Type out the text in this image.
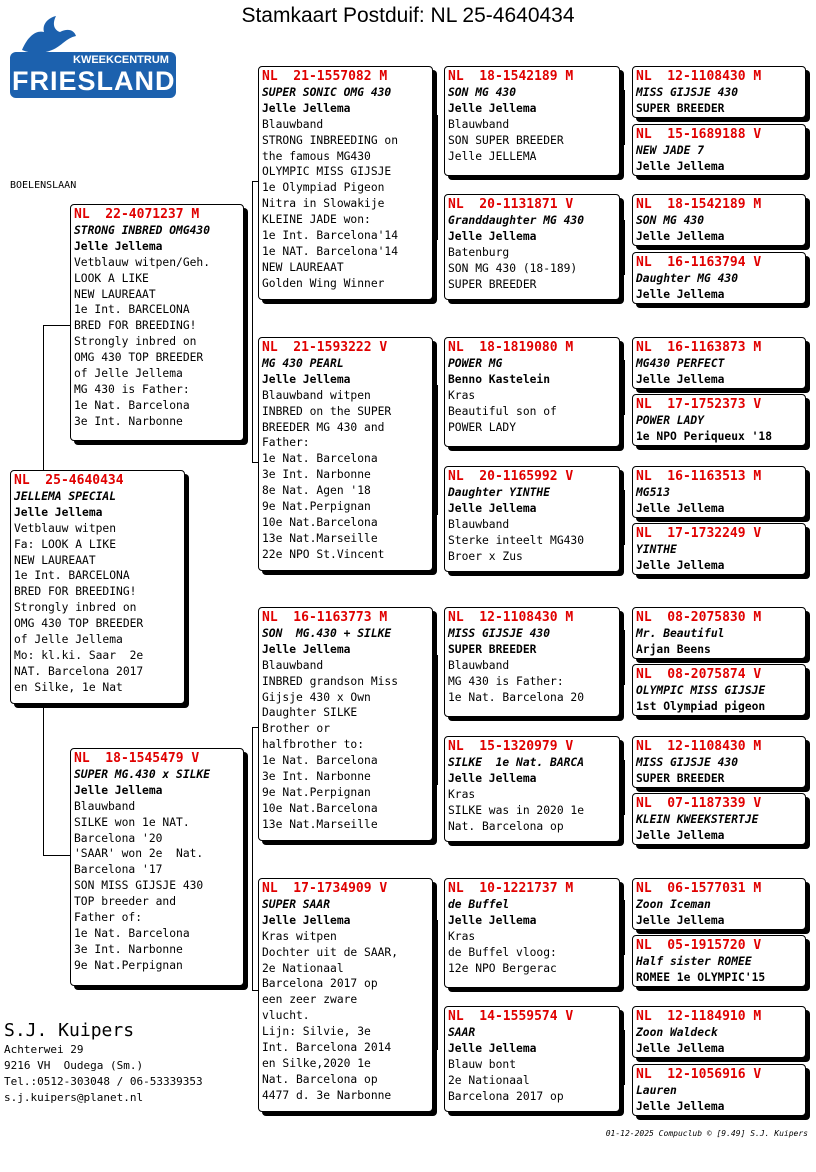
Stamkaart Postduif: NL 25-4640434
KWEEKCENTRUM
FRIESLAND
BOELENSLAAN
NL  25-4640434
JELLEMA SPECIAL
Jelle Jellema
Vetblauw witpen
Fa: LOOK A LIKE
NEW LAUREAAT
1e Int. BARCELONA
BRED FOR BREEDING!
Strongly inbred on
OMG 430 TOP BREEDER
of Jelle Jellema
Mo: kl.ki. Saar  2e
NAT. Barcelona 2017
en Silke, 1e Nat
NL  22-4071237 M
STRONG INBRED OMG430
Jelle Jellema
Vetblauw witpen/Geh.
LOOK A LIKE
NEW LAUREAAT
1e Int. BARCELONA
BRED FOR BREEDING!
Strongly inbred on
OMG 430 TOP BREEDER
of Jelle Jellema
MG 430 is Father:
1e Nat. Barcelona
3e Int. Narbonne
NL  18-1545479 V
SUPER MG.430 x SILKE
Jelle Jellema
Blauwband
SILKE won 1e NAT.
Barcelona '20
'SAAR' won 2e  Nat.
Barcelona '17
SON MISS GIJSJE 430
TOP breeder and
Father of:
1e Nat. Barcelona
3e Int. Narbonne
9e Nat.Perpignan
NL  21-1557082 M
SUPER SONIC OMG 430
Jelle Jellema
Blauwband
STRONG INBREEDING on
the famous MG430
OLYMPIC MISS GIJSJE
1e Olympiad Pigeon
Nitra in Slowakije
KLEINE JADE won:
1e Int. Barcelona'14
1e NAT. Barcelona'14
NEW LAUREAAT
Golden Wing Winner
NL  21-1593222 V
MG 430 PEARL
Jelle Jellema
Blauwband witpen
INBRED on the SUPER
BREEDER MG 430 and
Father:
1e Nat. Barcelona
3e Int. Narbonne
8e Nat. Agen '18
9e Nat.Perpignan
10e Nat.Barcelona
13e Nat.Marseille
22e NPO St.Vincent
NL  16-1163773 M
SON  MG.430 + SILKE
Jelle Jellema
Blauwband
INBRED grandson Miss
Gijsje 430 x Own
Daughter SILKE
Brother or
halfbrother to:
1e Nat. Barcelona
3e Int. Narbonne
9e Nat.Perpignan
10e Nat.Barcelona
13e Nat.Marseille
NL  17-1734909 V
SUPER SAAR
Jelle Jellema
Kras witpen
Dochter uit de SAAR,
2e Nationaal
Barcelona 2017 op
een zeer zware
vlucht.
Lijn: Silvie, 3e
Int. Barcelona 2014
en Silke,2020 1e
Nat. Barcelona op
4477 d. 3e Narbonne
NL  18-1542189 M
SON MG 430
Jelle Jellema
Blauwband
SON SUPER BREEDER
Jelle JELLEMA
NL  20-1131871 V
Granddaughter MG 430
Jelle Jellema
Batenburg
SON MG 430 (18-189)
SUPER BREEDER
NL  18-1819080 M
POWER MG
Benno Kastelein
Kras
Beautiful son of
POWER LADY
NL  20-1165992 V
Daughter YINTHE
Jelle Jellema
Blauwband
Sterke inteelt MG430
Broer x Zus
NL  12-1108430 M
MISS GIJSJE 430
SUPER BREEDER
Blauwband
MG 430 is Father:
1e Nat. Barcelona 20
NL  15-1320979 V
SILKE  1e Nat. BARCA
Jelle Jellema
Kras
SILKE was in 2020 1e
Nat. Barcelona op
NL  10-1221737 M
de Buffel
Jelle Jellema
Kras
de Buffel vloog:
12e NPO Bergerac
NL  14-1559574 V
SAAR
Jelle Jellema
Blauw bont
2e Nationaal
Barcelona 2017 op
NL  12-1108430 M
MISS GIJSJE 430
SUPER BREEDER
NL  15-1689188 V
NEW JADE 7
Jelle Jellema
NL  18-1542189 M
SON MG 430
Jelle Jellema
NL  16-1163794 V
Daughter MG 430
Jelle Jellema
NL  16-1163873 M
MG430 PERFECT
Jelle Jellema
NL  17-1752373 V
POWER LADY
1e NPO Periqueux '18
NL  16-1163513 M
MG513
Jelle Jellema
NL  17-1732249 V
YINTHE
Jelle Jellema
NL  08-2075830 M
Mr. Beautiful
Arjan Beens
NL  08-2075874 V
OLYMPIC MISS GIJSJE
1st Olympiad pigeon
NL  12-1108430 M
MISS GIJSJE 430
SUPER BREEDER
NL  07-1187339 V
KLEIN KWEEKSTERTJE
Jelle Jellema
NL  06-1577031 M
Zoon Iceman
Jelle Jellema
NL  05-1915720 V
Half sister ROMEE
ROMEE 1e OLYMPIC'15
NL  12-1184910 M
Zoon Waldeck
Jelle Jellema
NL  12-1056916 V
Lauren
Jelle Jellema
S.J. Kuipers
Achterwei 29
9216 VH  Oudega (Sm.)
Tel.:0512-303048 / 06-53339353
s.j.kuipers@planet.nl
01-12-2025 Compuclub © [9.49] S.J. Kuipers
